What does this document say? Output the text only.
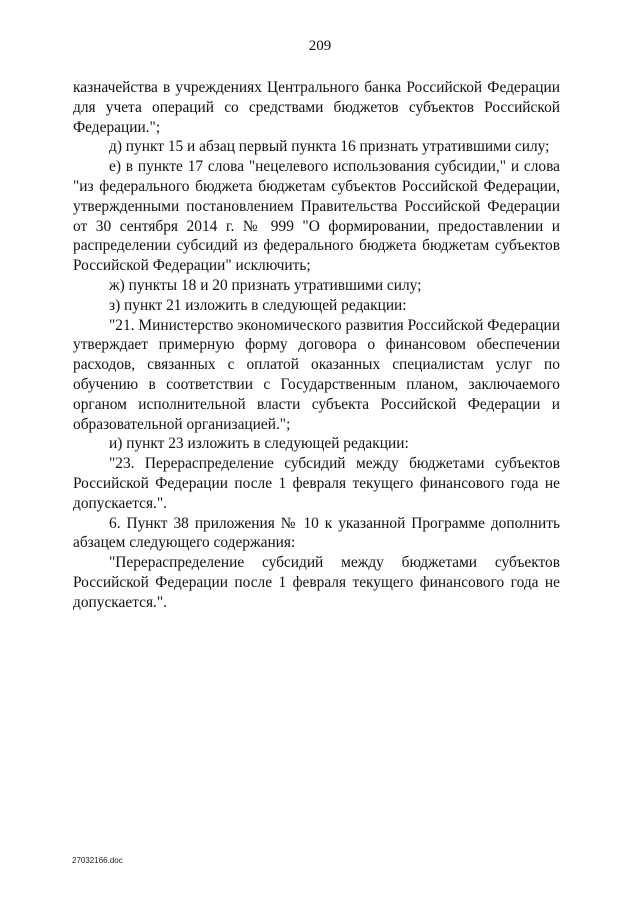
209

казначейства в учреждениях Центрального банка Российской Федерации для учета операций со средствами бюджетов субъектов Российской Федерации.";

д) пункт 15 и абзац первый пункта 16 признать утратившими силу;

е) в пункте 17 слова "нецелевого использования субсидии," и слова "из федерального бюджета бюджетам субъектов Российской Федерации, утвержденными постановлением Правительства Российской Федерации от 30 сентября 2014 г. № 999 "О формировании, предоставлении и распределении субсидий из федерального бюджета бюджетам субъектов Российской Федерации" исключить;

ж) пункты 18 и 20 признать утратившими силу;

з) пункт 21 изложить в следующей редакции:

"21. Министерство экономического развития Российской Федерации утверждает примерную форму договора о финансовом обеспечении расходов, связанных с оплатой оказанных специалистам услуг по обучению в соответствии с Государственным планом, заключаемого органом исполнительной власти субъекта Российской Федерации и образовательной организацией.";

и) пункт 23 изложить в следующей редакции:

"23. Перераспределение субсидий между бюджетами субъектов Российской Федерации после 1 февраля текущего финансового года не допускается.".

6. Пункт 38 приложения № 10 к указанной Программе дополнить абзацем следующего содержания:

"Перераспределение субсидий между бюджетами субъектов Российской Федерации после 1 февраля текущего финансового года не допускается.".

27032166.doc
